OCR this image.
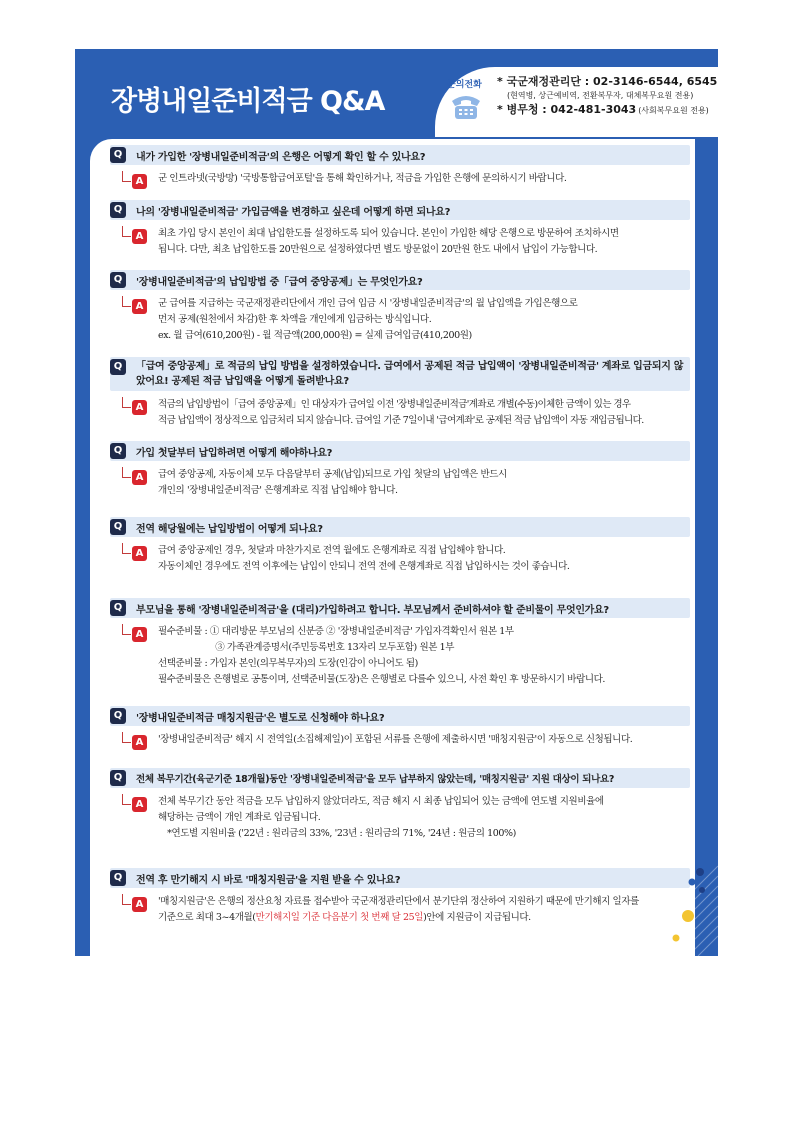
장병내일준비적금 Q&A
문의전화 * 국군재정관리단 : 02-3146-6544, 6545
(현역병, 상근예비역, 전환복무자, 대체복무요원 전용)
* 병무청 : 042-481-3043 (사회복무요원 전용)
Q	내가 가입한 '장병내일준비적금'의 은행은 어떻게 확인 할 수 있나요?
A	군 인트라넷(국방망) '국방통합급여포털'을 통해 확인하거나, 적금을 가입한 은행에 문의하시기 바랍니다.
Q	나의 '장병내일준비적금' 가입금액을 변경하고 싶은데 어떻게 하면 되나요?
A	최초 가입 당시 본인이 최대 납입한도를 설정하도록 되어 있습니다. 본인이 가입한 해당 은행으로 방문하여 조치하시면
됩니다. 다만, 최초 납입한도를 20만원으로 설정하였다면 별도 방문없이 20만원 한도 내에서 납입이 가능합니다.
Q	'장병내일준비적금'의 납입방법 중「급여 중앙공제」는 무엇인가요?
A	군 급여를 지급하는 국군재정관리단에서 개인 급여 입금 시 '장병내일준비적금'의 월 납입액을 가입은행으로
먼저 공제(원천에서 차감)한 후 차액을 개인에게 입금하는 방식입니다.
ex. 월 급여(610,200원) - 월 적금액(200,000원) = 실제 급여입금(410,200원)
Q	「급여 중앙공제」로 적금의 납입 방법을 설정하였습니다. 급여에서 공제된 적금 납입액이 '장병내일준비적금' 계좌로 입금되지 않았어요! 공제된 적금 납입액을 어떻게 돌려받나요?
A	적금의 납입방법이「급여 중앙공제」인 대상자가 급여일 이전 '장병내일준비적금'계좌로 개별(수동)이체한 금액이 있는 경우
적금 납입액이 정상적으로 입금처리 되지 않습니다. 급여일 기준 7일이내 '급여계좌'로 공제된 적금 납입액이 자동 재입금됩니다.
Q	가입 첫달부터 납입하려면 어떻게 해야하나요?
A	급여 중앙공제, 자동이체 모두 다음달부터 공제(납입)되므로 가입 첫달의 납입액은 반드시
개인의 '장병내일준비적금' 은행계좌로 직접 납입해야 합니다.
Q	전역 해당월에는 납입방법이 어떻게 되나요?
A	급여 중앙공제인 경우, 첫달과 마찬가지로 전역 월에도 은행계좌로 직접 납입해야 합니다.
자동이체인 경우에도 전역 이후에는 납입이 안되니 전역 전에 은행계좌로 직접 납입하시는 것이 좋습니다.
Q	부모님을 통해 '장병내일준비적금'을 (대리)가입하려고 합니다. 부모님께서 준비하셔야 할 준비물이 무엇인가요?
A	필수준비물 : ① 대리방문 부모님의 신분증 ② '장병내일준비적금' 가입자격확인서 원본 1부
　　　　　　 ③ 가족관계증명서(주민등록번호 13자리 모두포함) 원본 1부
선택준비물 : 가입자 본인(의무복무자)의 도장(인감이 아니어도 됨)
필수준비물은 은행별로 공통이며, 선택준비물(도장)은 은행별로 다를수 있으니, 사전 확인 후 방문하시기 바랍니다.
Q	'장병내일준비적금 매칭지원금'은 별도로 신청해야 하나요?
A	'장병내일준비적금' 해지 시 전역일(소집해제일)이 포함된 서류를 은행에 제출하시면 '매칭지원금'이 자동으로 신청됩니다.
Q	전체 복무기간(육군기준 18개월)동안 '장병내일준비적금'을 모두 납부하지 않았는데, '매칭지원금' 지원 대상이 되나요?
A	전체 복무기간 동안 적금을 모두 납입하지 않았더라도, 적금 해지 시 최종 납입되어 있는 금액에 연도별 지원비율에
해당하는 금액이 개인 계좌로 입금됩니다.
　*연도별 지원비율 ('22년 : 원리금의 33%, '23년 : 원리금의 71%, '24년 : 원금의 100%)
Q	전역 후 만기해지 시 바로 '매칭지원금'을 지원 받을 수 있나요?
A	'매칭지원금'은 은행의 정산요청 자료를 접수받아 국군재정관리단에서 분기단위 정산하여 지원하기 때문에 만기해지 일자를
기준으로 최대 3~4개월(만기해지일 기준 다음분기 첫 번째 달 25일)안에 지원금이 지급됩니다.
